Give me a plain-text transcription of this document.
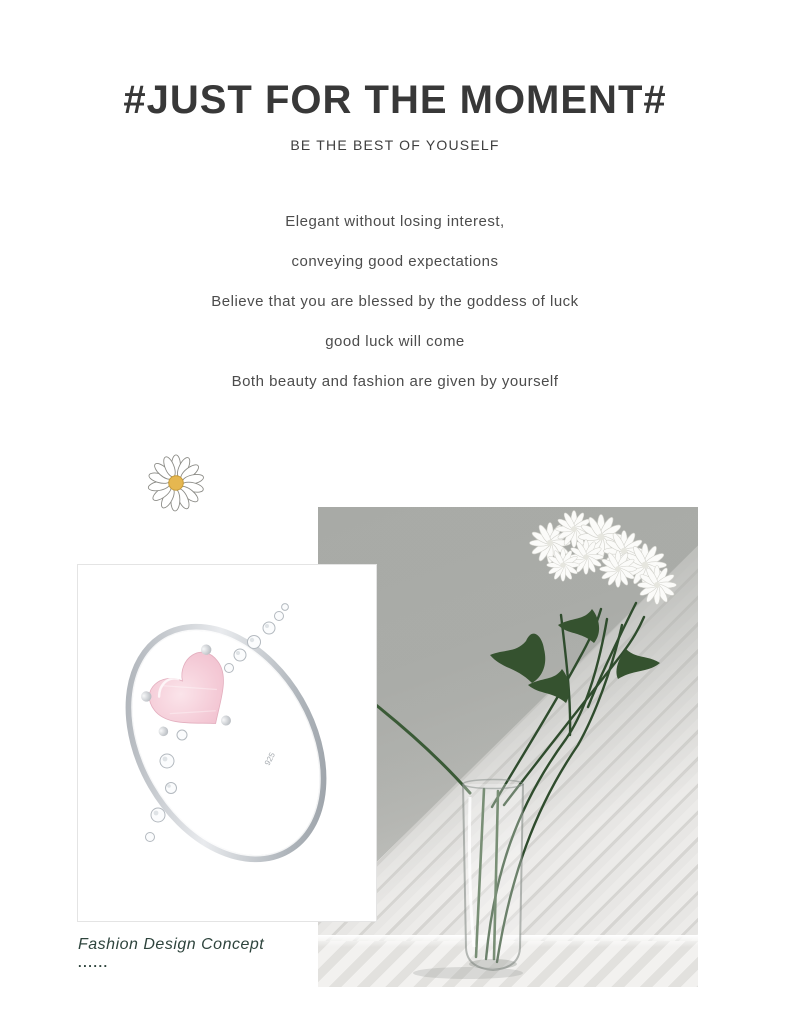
#JUST FOR THE MOMENT#
BE THE BEST OF YOUSELF

Elegant without losing interest,

conveying good expectations

Believe that you are blessed by the goddess of luck

good luck will come

Both beauty and fashion are given by yourself

925

Fashion Design Concept

......
